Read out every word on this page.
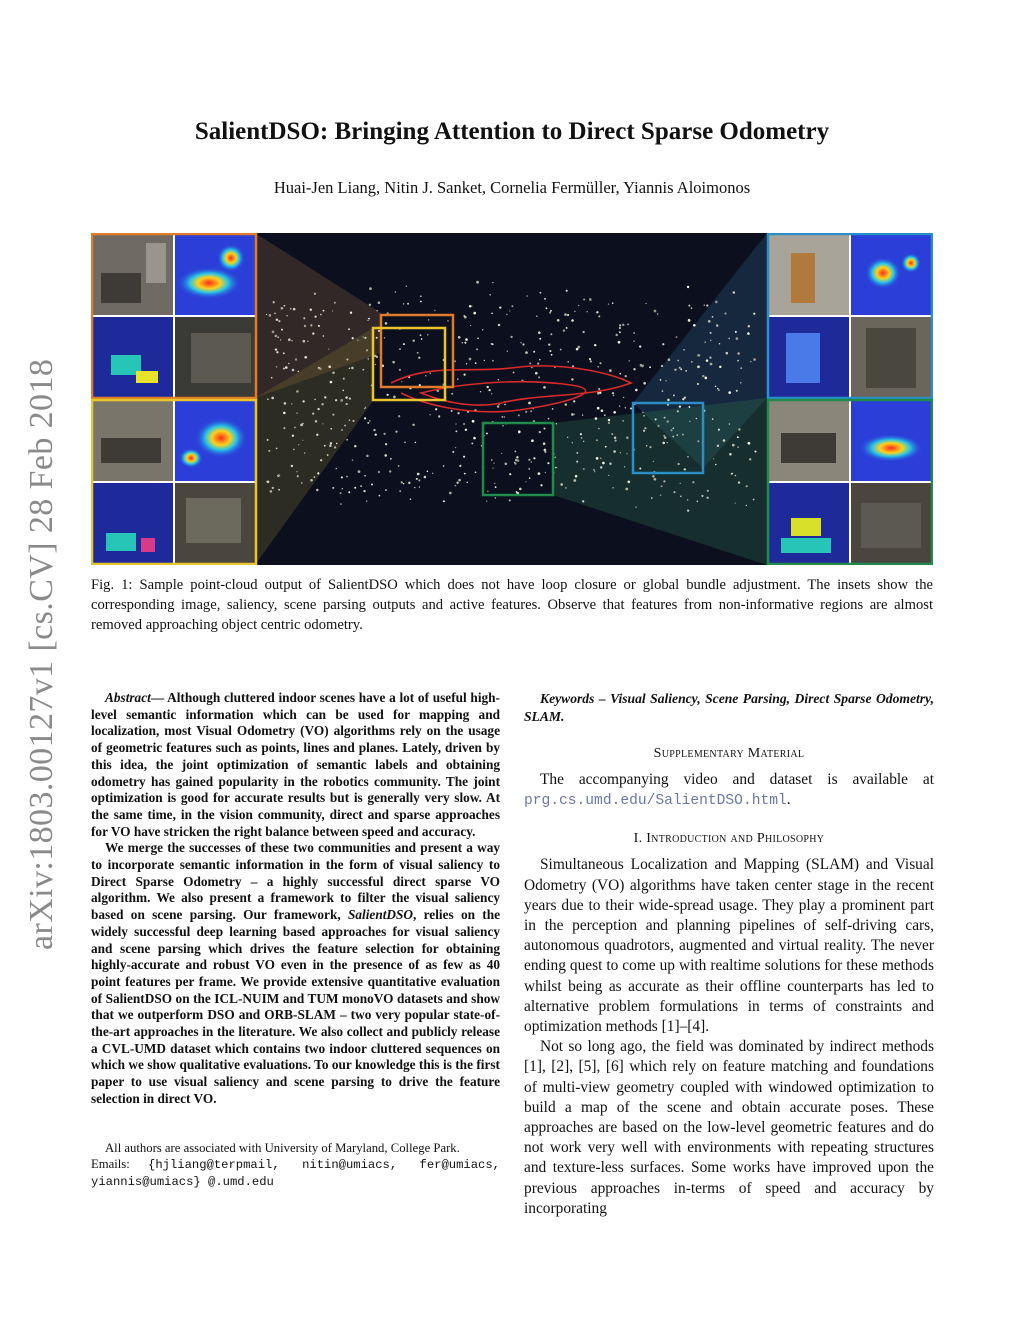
arXiv:1803.00127v1 [cs.CV] 28 Feb 2018
SalientDSO: Bringing Attention to Direct Sparse Odometry
Huai-Jen Liang, Nitin J. Sanket, Cornelia Fermüller, Yiannis Aloimonos
Fig. 1: Sample point-cloud output of SalientDSO which does not have loop closure or global bundle adjustment. The insets show the corresponding image, saliency, scene parsing outputs and active features. Observe that features from non-informative regions are almost removed approaching object centric odometry.

Abstract— Although cluttered indoor scenes have a lot of useful high-level semantic information which can be used for mapping and localization, most Visual Odometry (VO) algorithms rely on the usage of geometric features such as points, lines and planes. Lately, driven by this idea, the joint optimization of semantic labels and obtaining odometry has gained popularity in the robotics community. The joint optimization is good for accurate results but is generally very slow. At the same time, in the vision community, direct and sparse approaches for VO have stricken the right balance between speed and accuracy.

We merge the successes of these two communities and present a way to incorporate semantic information in the form of visual saliency to Direct Sparse Odometry – a highly successful direct sparse VO algorithm. We also present a framework to filter the visual saliency based on scene parsing. Our framework, SalientDSO, relies on the widely successful deep learning based approaches for visual saliency and scene parsing which drives the feature selection for obtaining highly-accurate and robust VO even in the presence of as few as 40 point features per frame. We provide extensive quantitative evaluation of SalientDSO on the ICL-NUIM and TUM monoVO datasets and show that we outperform DSO and ORB-SLAM – two very popular state-of-the-art approaches in the literature. We also collect and publicly release a CVL-UMD dataset which contains two indoor cluttered sequences on which we show qualitative evaluations. To our knowledge this is the first paper to use visual saliency and scene parsing to drive the feature selection in direct VO.

All authors are associated with University of Maryland, College Park.
Emails: {hjliang@terpmail, nitin@umiacs, fer@umiacs, yiannis@umiacs} @.umd.edu

Keywords – Visual Saliency, Scene Parsing, Direct Sparse Odometry, SLAM.

Supplementary Material

The accompanying video and dataset is available at prg.cs.umd.edu/SalientDSO.html.

I. Introduction and Philosophy

Simultaneous Localization and Mapping (SLAM) and Visual Odometry (VO) algorithms have taken center stage in the recent years due to their wide-spread usage. They play a prominent part in the perception and planning pipelines of self-driving cars, autonomous quadrotors, augmented and virtual reality. The never ending quest to come up with realtime solutions for these methods whilst being as accurate as their offline counterparts has led to alternative problem formulations in terms of constraints and optimization methods [1]–[4].

Not so long ago, the field was dominated by indirect methods [1], [2], [5], [6] which rely on feature matching and foundations of multi-view geometry coupled with windowed optimization to build a map of the scene and obtain accurate poses. These approaches are based on the low-level geometric features and do not work very well with environments with repeating structures and texture-less surfaces. Some works have improved upon the previous approaches in-terms of speed and accuracy by incorporating
